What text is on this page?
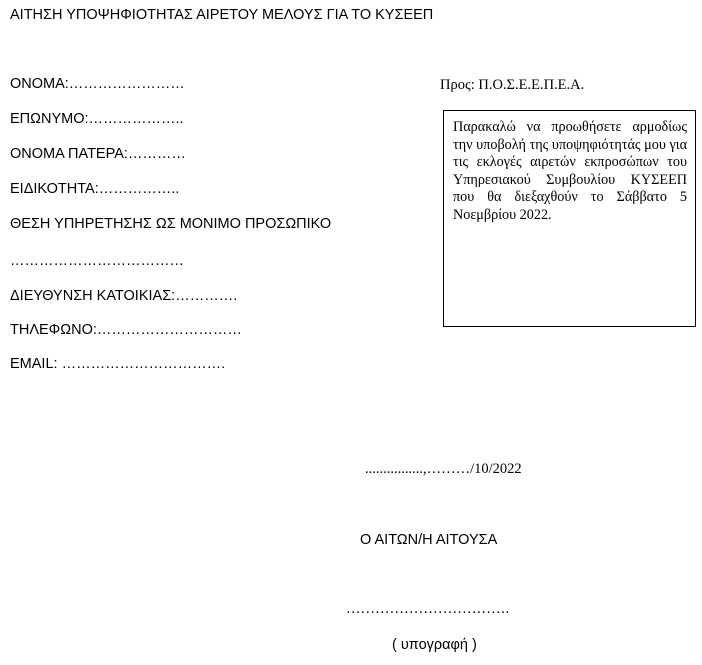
ΑΙΤΗΣΗ ΥΠΟΨΗΦΙΟΤΗΤΑΣ ΑΙΡΕΤΟΥ ΜΕΛΟΥΣ ΓΙΑ ΤΟ ΚΥΣΕΕΠ
ΟΝΟΜΑ:……………………
ΕΠΩΝΥΜΟ:………………..
ΟΝΟΜΑ ΠΑΤΕΡΑ:…………
ΕΙΔΙΚΟΤΗΤΑ:……………..
ΘΕΣΗ ΥΠΗΡΕΤΗΣΗΣ ΩΣ ΜΟΝΙΜΟ ΠΡΟΣΩΠΙΚΟ
………………………………
ΔΙΕΥΘΥΝΣΗ ΚΑΤΟΙΚΙΑΣ:………….
ΤΗΛΕΦΩΝΟ:…………………………
EMAIL: …………………………….
Προς: Π.Ο.Σ.Ε.Ε.Π.Ε.Α.
Παρακαλώ να προωθήσετε αρμοδίως την υποβολή της υποψηφιότητάς μου για τις εκλογές αιρετών εκπροσώπων του Υπηρεσιακού Συμβουλίου ΚΥΣΕΕΠ που θα διεξαχθούν το Σάββατο 5 Νοεμβρίου 2022.
................,………/10/2022
Ο ΑΙΤΩΝ/Η ΑΙΤΟΥΣΑ
…………………………….
( υπογραφή )
